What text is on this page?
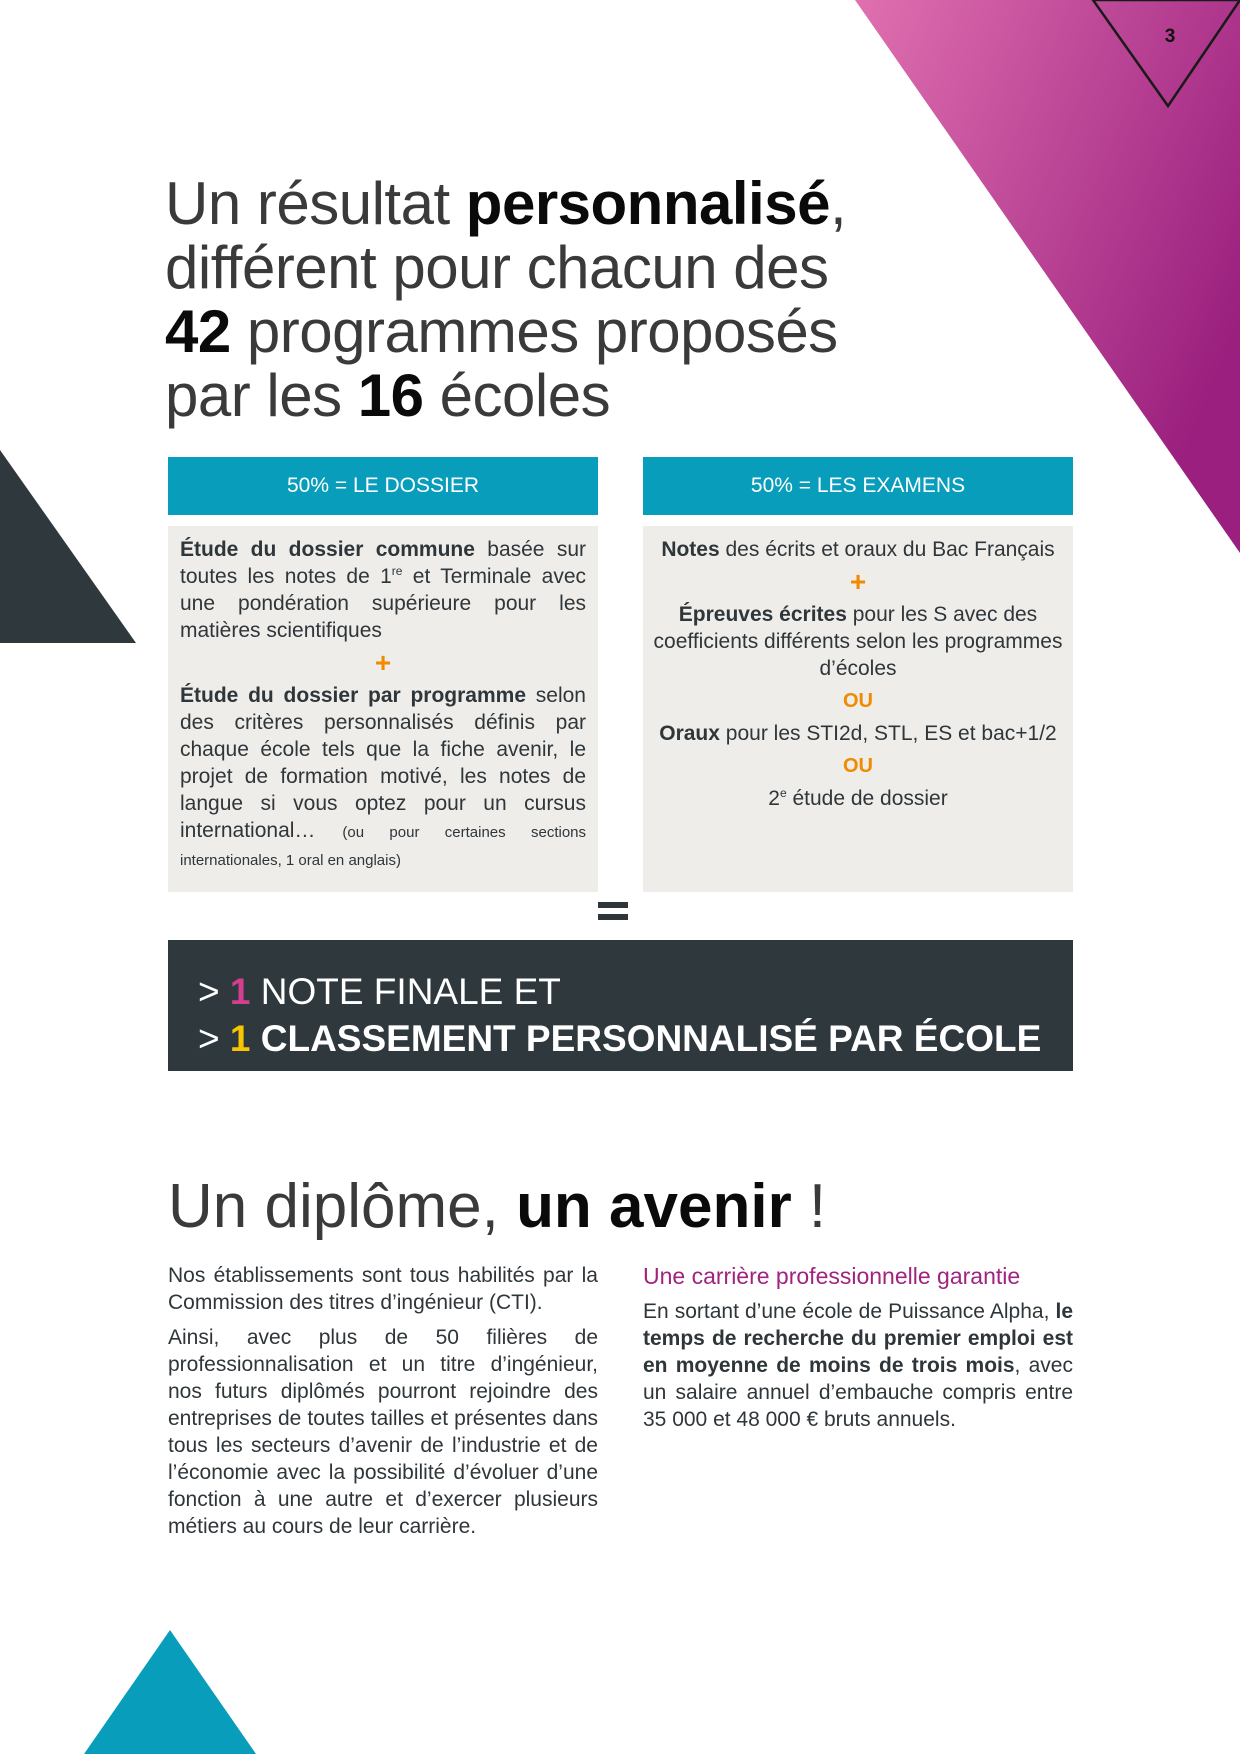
3
Un résultat personnalisé,
différent pour chacun des
42 programmes proposés
par les 16 écoles
50% = LE DOSSIER	50% = LES EXAMENS

Étude du dossier commune basée sur toutes les notes de 1re et Terminale avec une pondération supérieure pour les matières scientifiques

+

Étude du dossier par programme selon des critères personnalisés définis par chaque école tels que la fiche avenir, le projet de formation motivé, les notes de langue si vous optez pour un cursus international… (ou pour certaines sections internationales, 1 oral en anglais)

Notes des écrits et oraux du Bac Français

+

Épreuves écrites pour les S avec des coefficients différents selon les programmes d’écoles

OU

Oraux pour les STI2d, STL, ES et bac+1/2

OU

2e étude de dossier

> 1 NOTE FINALE ET
> 1 CLASSEMENT PERSONNALISÉ PAR ÉCOLE
Un diplôme, un avenir !

Nos établissements sont tous habilités par la Commission des titres d’ingénieur (CTI).

Ainsi, avec plus de 50 filières de professionnalisation et un titre d’ingénieur, nos futurs diplômés pourront rejoindre des entreprises de toutes tailles et présentes dans tous les secteurs d’avenir de l’industrie et de l’économie avec la possibilité d’évoluer d’une fonction à une autre et d’exercer plusieurs métiers au cours de leur carrière.

Une carrière professionnelle garantie

En sortant d’une école de Puissance Alpha, le temps de recherche du premier emploi est en moyenne de moins de trois mois, avec un salaire annuel d’embauche compris entre 35 000 et 48 000 € bruts annuels.
